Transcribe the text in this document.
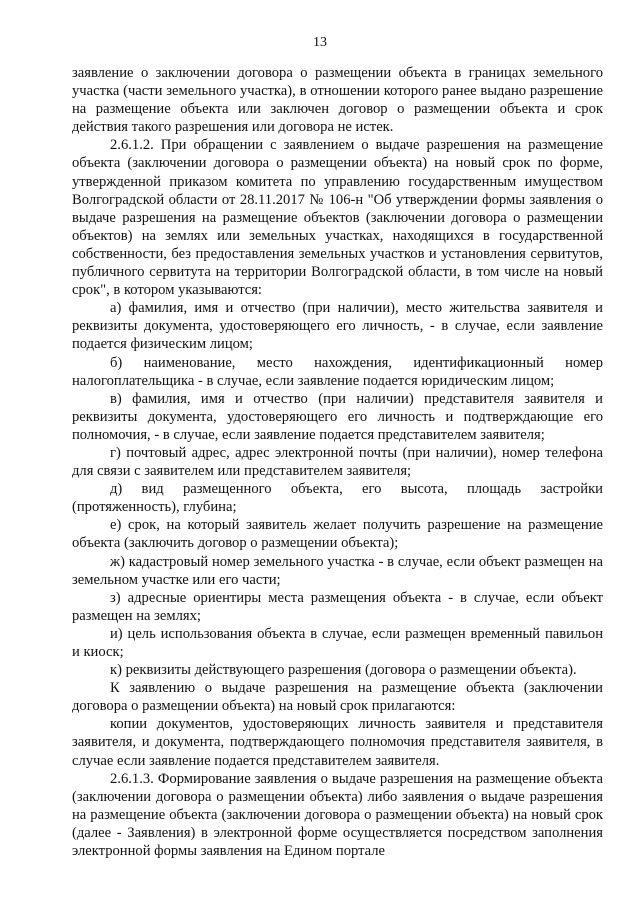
13

заявление о заключении договора о размещении объекта в границах земельного участка (части земельного участка), в отношении которого ранее выдано разрешение на размещение объекта или заключен договор о размещении объекта и срок действия такого разрешения или договора не истек.

2.6.1.2. При обращении с заявлением о выдаче разрешения на размещение объекта (заключении договора о размещении объекта) на новый срок по форме, утвержденной приказом комитета по управлению государственным имуществом Волгоградской области от 28.11.2017 № 106-н "Об утверждении формы заявления о выдаче разрешения на размещение объектов (заключении договора о размещении объектов) на землях или земельных участках, находящихся в государственной собственности, без предоставления земельных участков и установления сервитутов, публичного сервитута на территории Волгоградской области, в том числе на новый срок", в котором указываются:

а) фамилия, имя и отчество (при наличии), место жительства заявителя и реквизиты документа, удостоверяющего его личность, - в случае, если заявление подается физическим лицом;

б) наименование, место нахождения, идентификационный номер налогоплательщика - в случае, если заявление подается юридическим лицом;

в) фамилия, имя и отчество (при наличии) представителя заявителя и реквизиты документа, удостоверяющего его личность и подтверждающие его полномочия, - в случае, если заявление подается представителем заявителя;

г) почтовый адрес, адрес электронной почты (при наличии), номер телефона для связи с заявителем или представителем заявителя;

д) вид размещенного объекта, его высота, площадь застройки (протяженность), глубина;

е) срок, на который заявитель желает получить разрешение на размещение объекта (заключить договор о размещении объекта);

ж) кадастровый номер земельного участка - в случае, если объект размещен на земельном участке или его части;

з) адресные ориентиры места размещения объекта - в случае, если объект размещен на землях;

и) цель использования объекта в случае, если размещен временный павильон и киоск;

к) реквизиты действующего разрешения (договора о размещении объекта).

К заявлению о выдаче разрешения на размещение объекта (заключении договора о размещении объекта) на новый срок прилагаются:

копии документов, удостоверяющих личность заявителя и представителя заявителя, и документа, подтверждающего полномочия представителя заявителя, в случае если заявление подается представителем заявителя.

2.6.1.3. Формирование заявления о выдаче разрешения на размещение объекта (заключении договора о размещении объекта) либо заявления о выдаче разрешения на размещение объекта (заключении договора о размещении объекта) на новый срок (далее - Заявления) в электронной форме осуществляется посредством заполнения электронной формы заявления на Едином портале
